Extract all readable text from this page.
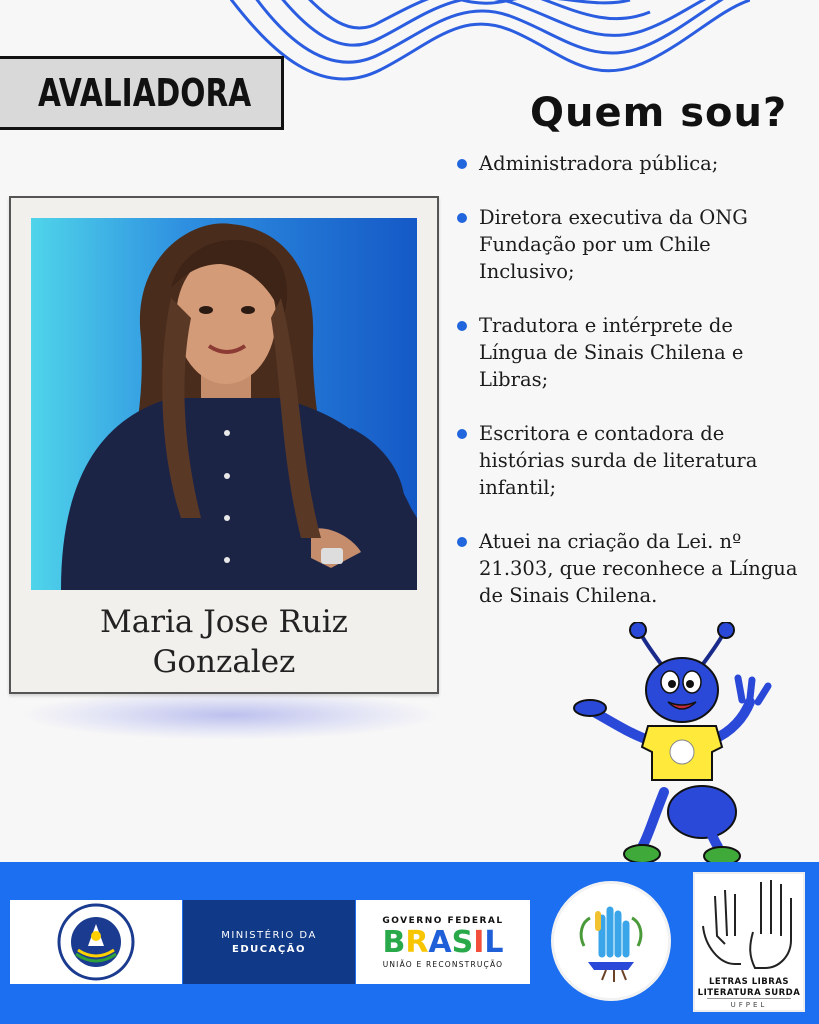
AVALIADORA	Quem sou?
Maria Jose Ruiz
Gonzalez
Administradora pública;
Diretora executiva da ONG Fundação por um Chile Inclusivo;
Tradutora e intérprete de Língua de Sinais Chilena e Libras;
Escritora e contadora de histórias surda de literatura infantil;
Atuei na criação da Lei. nº 21.303, que reconhece a Língua de Sinais Chilena.
MINISTÉRIO DA
EDUCAÇÃO
GOVERNO FEDERAL
BRASIL
UNIÃO E RECONSTRUÇÃO
LETRAS LIBRAS
LITERATURA SURDA
UFPEL
